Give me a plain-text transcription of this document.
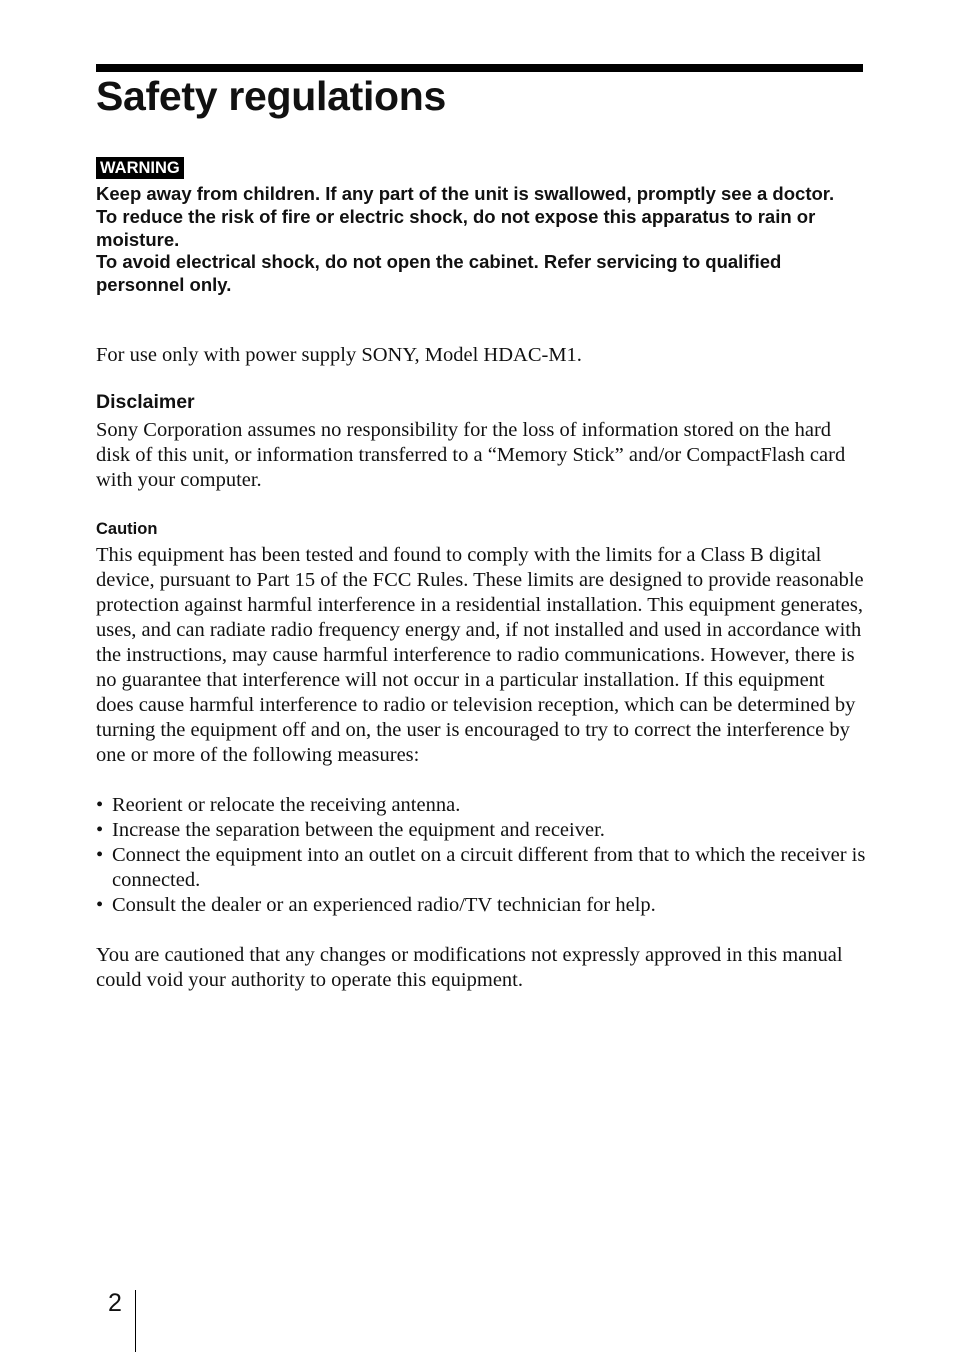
Safety regulations
WARNING

Keep away from children. If any part of the unit is swallowed, promptly see a doctor.

To reduce the risk of fire or electric shock, do not expose this apparatus to rain or moisture.

To avoid electrical shock, do not open the cabinet. Refer servicing to qualified personnel only.

For use only with power supply SONY, Model HDAC-M1.

Disclaimer

Sony Corporation assumes no responsibility for the loss of information stored on the hard disk of this unit, or information transferred to a “Memory Stick” and/or CompactFlash card with your computer.

Caution

This equipment has been tested and found to comply with the limits for a Class B digital device, pursuant to Part 15 of the FCC Rules. These limits are designed to provide reasonable protection against harmful interference in a residential installation. This equipment generates, uses, and can radiate radio frequency energy and, if not installed and used in accordance with the instructions, may cause harmful interference to radio communications. However, there is no guarantee that interference will not occur in a particular installation. If this equipment does cause harmful interference to radio or television reception, which can be determined by turning the equipment off and on, the user is encouraged to try to correct the interference by one or more of the following measures:

• Reorient or relocate the receiving antenna.
• Increase the separation between the equipment and receiver.
• Connect the equipment into an outlet on a circuit different from that to which the receiver is connected.
• Consult the dealer or an experienced radio/TV technician for help.

You are cautioned that any changes or modifications not expressly approved in this manual could void your authority to operate this equipment.

2
